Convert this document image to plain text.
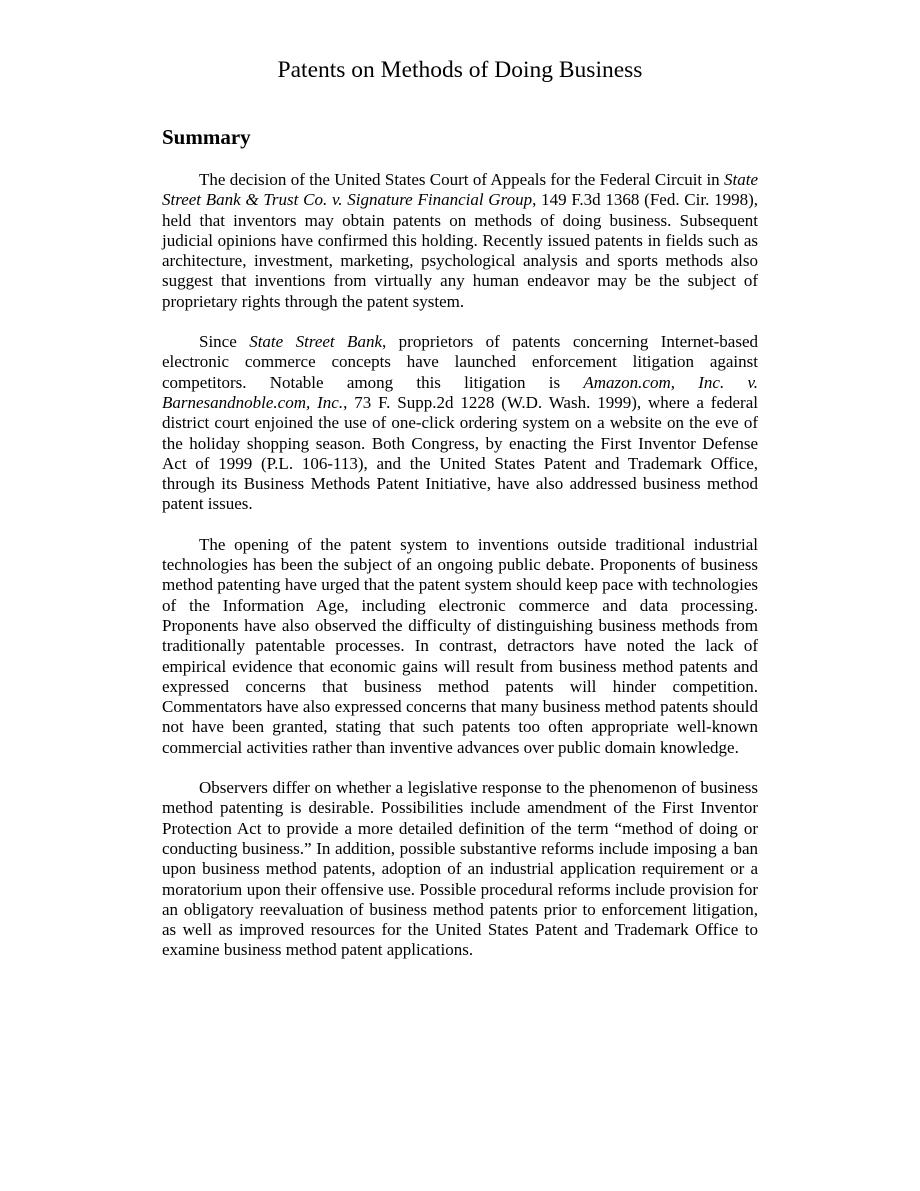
Patents on Methods of Doing Business
Summary

The decision of the United States Court of Appeals for the Federal Circuit in State Street Bank & Trust Co. v. Signature Financial Group, 149 F.3d 1368 (Fed. Cir. 1998), held that inventors may obtain patents on methods of doing business. Subsequent judicial opinions have confirmed this holding. Recently issued patents in fields such as architecture, investment, marketing, psychological analysis and sports methods also suggest that inventions from virtually any human endeavor may be the subject of proprietary rights through the patent system.

Since State Street Bank, proprietors of patents concerning Internet-based electronic commerce concepts have launched enforcement litigation against competitors. Notable among this litigation is Amazon.com, Inc. v. Barnesandnoble.com, Inc., 73 F. Supp.2d 1228 (W.D. Wash. 1999), where a federal district court enjoined the use of one-click ordering system on a website on the eve of the holiday shopping season. Both Congress, by enacting the First Inventor Defense Act of 1999 (P.L. 106-113), and the United States Patent and Trademark Office, through its Business Methods Patent Initiative, have also addressed business method patent issues.

The opening of the patent system to inventions outside traditional industrial technologies has been the subject of an ongoing public debate. Proponents of business method patenting have urged that the patent system should keep pace with technologies of the Information Age, including electronic commerce and data processing. Proponents have also observed the difficulty of distinguishing business methods from traditionally patentable processes. In contrast, detractors have noted the lack of empirical evidence that economic gains will result from business method patents and expressed concerns that business method patents will hinder competition. Commentators have also expressed concerns that many business method patents should not have been granted, stating that such patents too often appropriate well-known commercial activities rather than inventive advances over public domain knowledge.

Observers differ on whether a legislative response to the phenomenon of business method patenting is desirable. Possibilities include amendment of the First Inventor Protection Act to provide a more detailed definition of the term “method of doing or conducting business.” In addition, possible substantive reforms include imposing a ban upon business method patents, adoption of an industrial application requirement or a moratorium upon their offensive use. Possible procedural reforms include provision for an obligatory reevaluation of business method patents prior to enforcement litigation, as well as improved resources for the United States Patent and Trademark Office to examine business method patent applications.
